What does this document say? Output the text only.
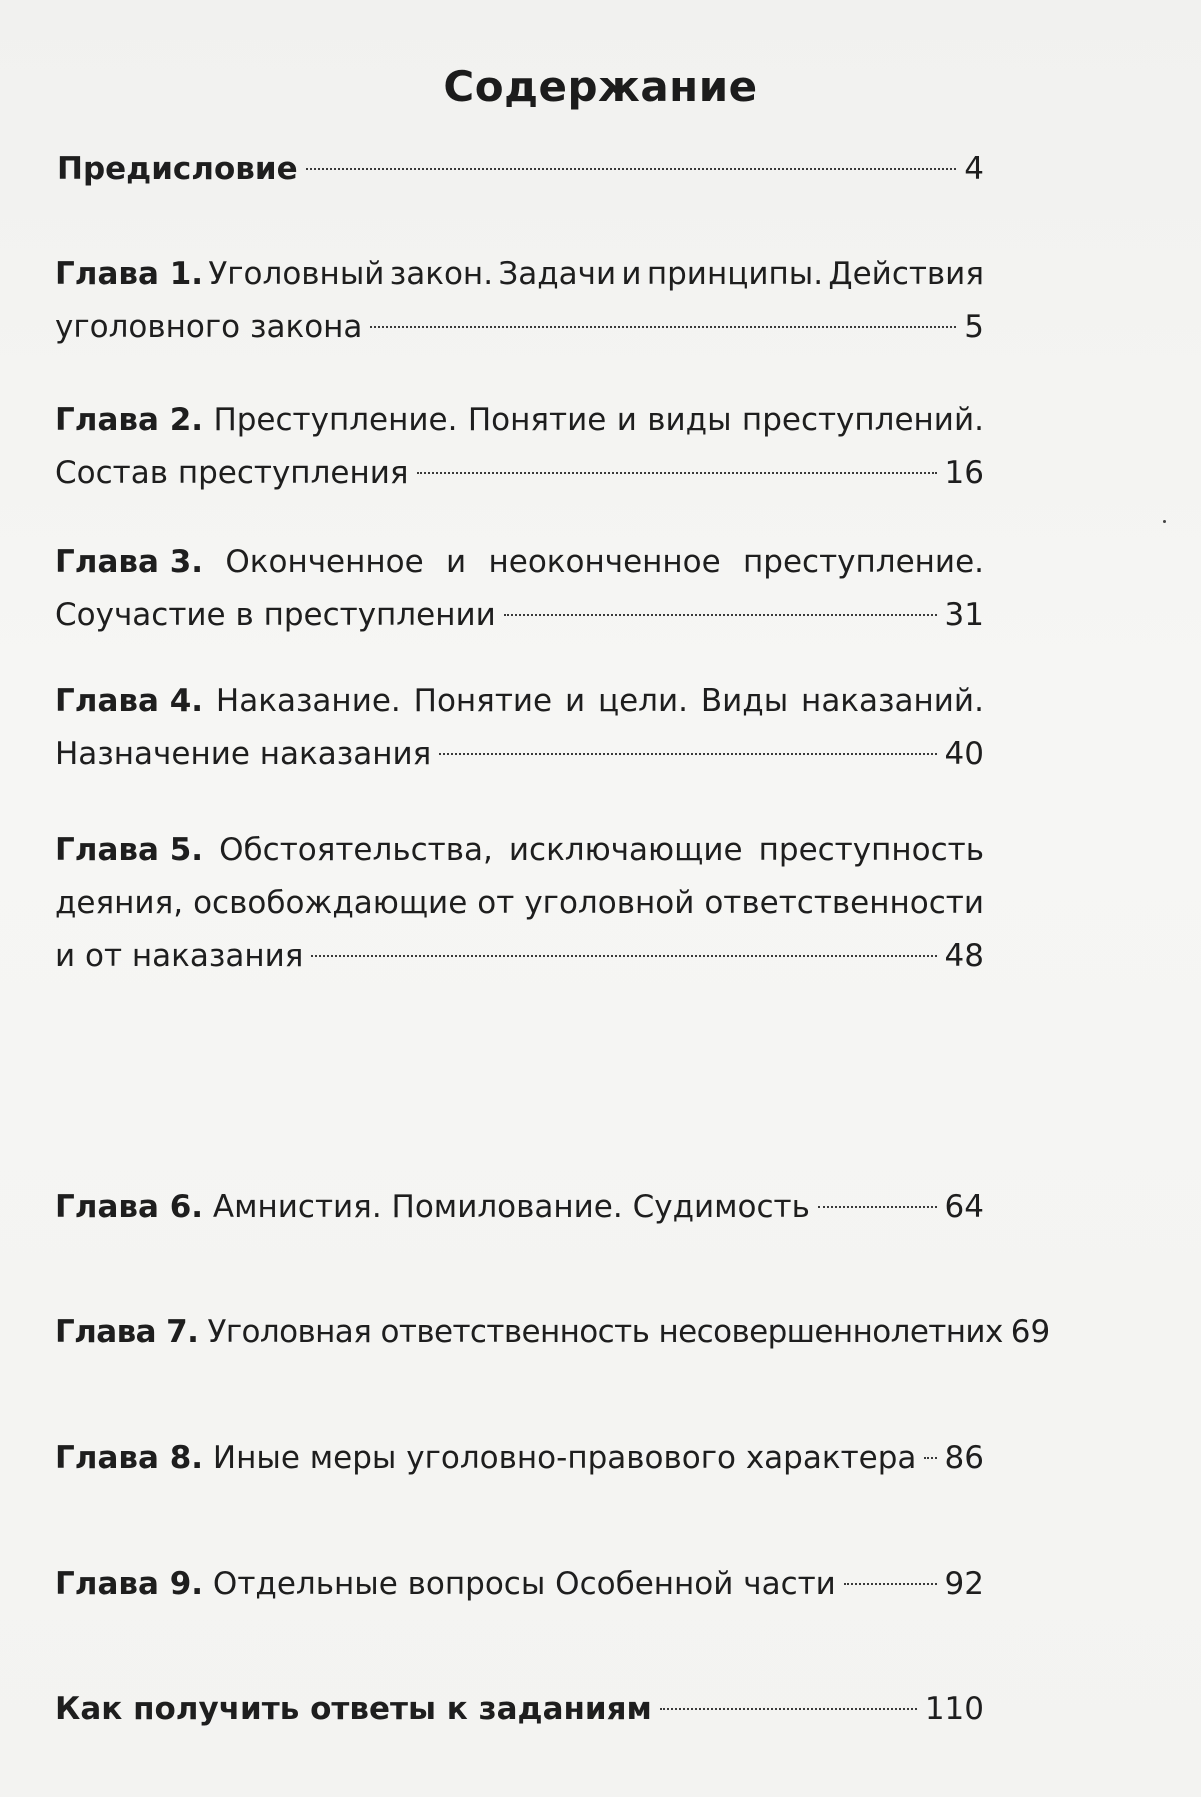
Содержание
Предисловие	4
Глава 1. Уголовный закон. Задачи и принципы. Действия
уголовного закона	5
Глава 2. Преступление. Понятие и виды преступлений.
Состав преступления	16
Глава 3. Оконченное и неоконченное преступление.
Соучастие в преступлении	31
Глава 4. Наказание. Понятие и цели. Виды наказаний.
Назначение наказания	40
Глава 5. Обстоятельства, исключающие преступность
деяния, освобождающие от уголовной ответственности
и от наказания	48
Глава 6. Амнистия. Помилование. Судимость	64
Глава 7. Уголовная ответственность несовершеннолетних 69
Глава 8. Иные меры уголовно-правового характера 86
Глава 9. Отдельные вопросы Особенной части	92
Как получить ответы к заданиям	110
